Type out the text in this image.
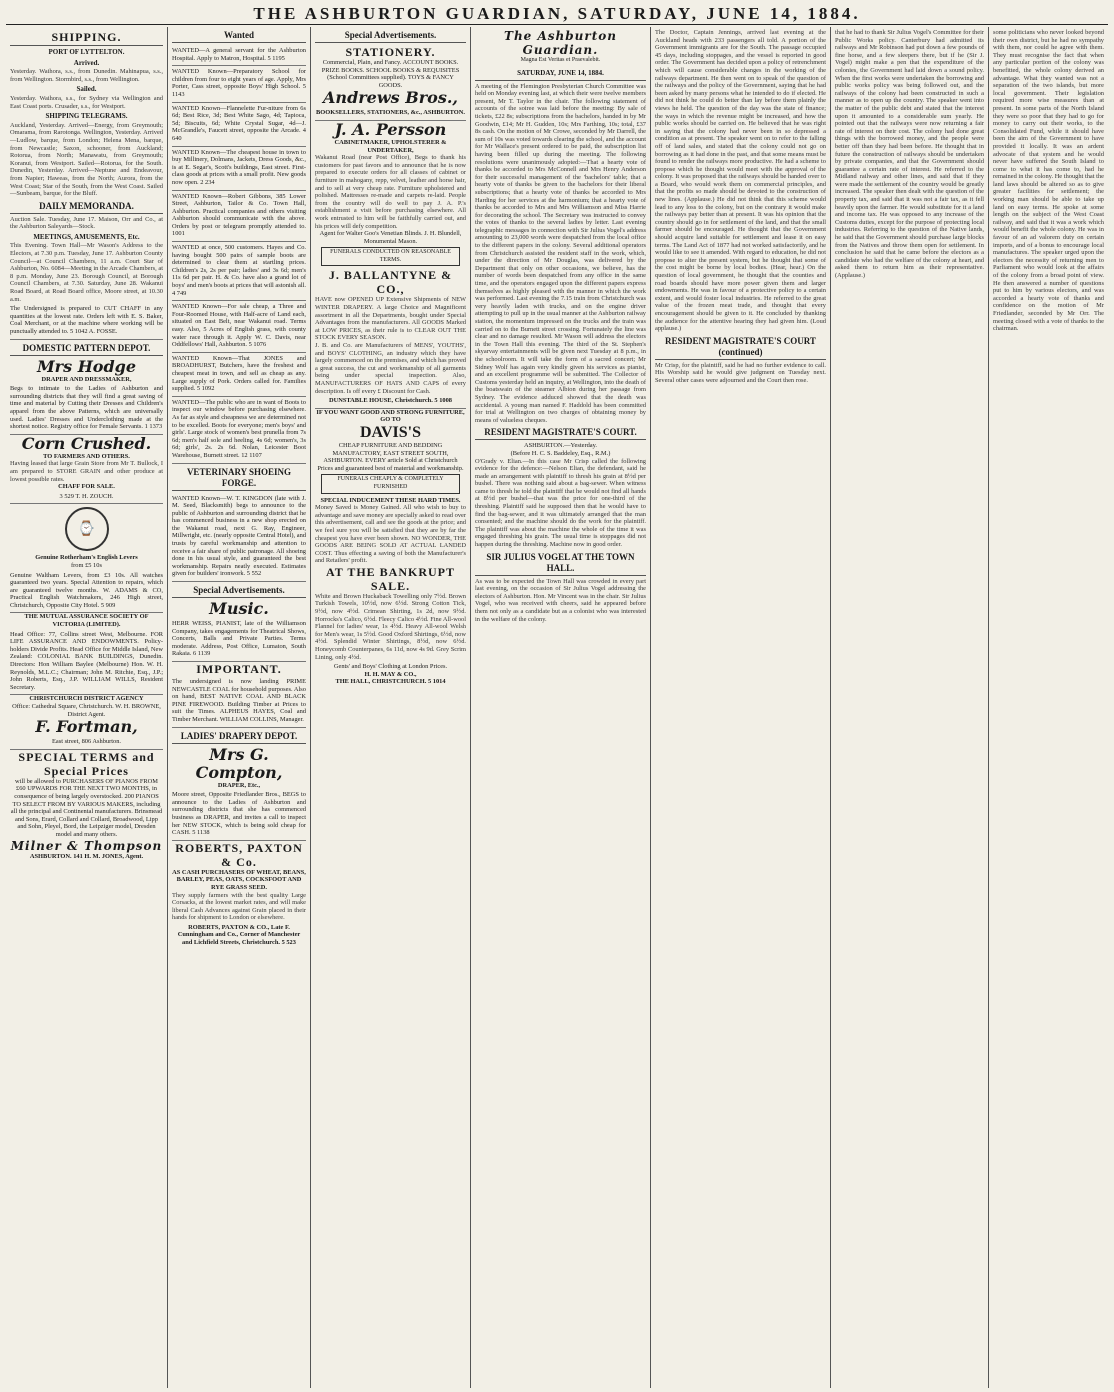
THE ASHBURTON GUARDIAN, SATURDAY, JUNE 14, 1884.
SHIPPING.
PORT OF LYTTELTON.
Arrived.

Yesterday. Waihora, s.s., from Dunedin. Mahinapua, s.s., from Wellington. Stormbird, s.s., from Wellington.

Sailed.

Yesterday. Waihora, s.s., for Sydney via Wellington and East Coast ports. Crusader, s.s., for Westport.

SHIPPING TELEGRAMS.

Auckland, Yesterday. Arrived—Energy, from Greymouth; Omarama, from Rarotonga. Wellington, Yesterday. Arrived—Ludlow, barque, from London; Helena Mena, barque, from Newcastle; Saxon, schooner, from Auckland; Rotorua, from North; Manawatu, from Greymouth; Koranui, from Westport. Sailed—Rotorua, for the South. Dunedin, Yesterday. Arrived—Neptune and Endeavour, from Napier; Haweas, from the North; Aurora, from the West Coast; Star of the South, from the West Coast. Sailed—Sunbeam, barque, for the Bluff.

DAILY MEMORANDA.

Auction Sale. Tuesday, June 17. Maison, Orr and Co., at the Ashburton Saleyards—Stock.

MEETINGS, AMUSEMENTS, Etc.

This Evening. Town Hall—Mr Wason's Address to the Electors, at 7.30 p.m. Tuesday, June 17. Ashburton County Council—at Council Chambers, 11 a.m. Court Star of Ashburton, No. 6084—Meeting in the Arcade Chambers, at 8 p.m. Monday, June 23. Borough Council, at Borough Council Chambers, at 7.30. Saturday, June 28. Wakanui Road Board, at Road Board office, Moore street, at 10.30 a.m.

The Undersigned is prepared to CUT CHAFF in any quantities at the lowest rate. Orders left with E. S. Baker, Coal Merchant, or at the machine where working will be punctually attended to. 5 1042 A. FOSSE.

DOMESTIC PATTERN DEPOT.
Mrs Hodge
DRAPER AND DRESSMAKER,

Begs to intimate to the Ladies of Ashburton and surrounding districts that they will find a great saving of time and material by Cutting their Dresses and Children's apparel from the above Patterns, which are universally used. Ladies' Dresses and Underclothing made at the shortest notice. Registry office for Female Servants. 1 1373

Corn Crushed.
TO FARMERS AND OTHERS.

Having leased that large Grain Store from Mr T. Bullock, I am prepared to STORE GRAIN and other produce at lowest possible rates.

CHAFF FOR SALE.
3 529 T. H. ZOUCH.
⌚
Genuine Rotherham's English Levers
from £5 10s

Genuine Waltham Levers, from £3 10s. All watches guaranteed two years. Special Attention to repairs, which are guaranteed twelve months. W. ADAMS & CO, Practical English Watchmakers, 246 High street, Christchurch, Opposite City Hotel. 5 909

THE MUTUAL ASSURANCE SOCIETY OF VICTORIA (LIMITED).

Head Office: 77, Collins street West, Melbourne. FOR LIFE ASSURANCE AND ENDOWMENTS. Policy-holders Divide Profits. Head Office for Middle Island, New Zealand: COLONIAL BANK BUILDINGS, Dunedin. Directors: Hon William Baylee (Melbourne) Hon. W. H. Reynolds, M.L.C.; Chairman; John M. Ritchie, Esq., J.P.; John Roberts, Esq., J.P. WILLIAM WILLS, Resident Secretary.

CHRISTCHURCH DISTRICT AGENCY

Office: Cathedral Square, Christchurch. W. H. BROWNE, District Agent.

F. Fortman,
East street, 806 Ashburton.
SPECIAL TERMS and Special Prices

will be allowed to PURCHASERS OF PIANOS FROM £60 UPWARDS FOR THE NEXT TWO MONTHS, in consequence of being largely overstocked. 200 PIANOS TO SELECT FROM BY VARIOUS MAKERS, including all the principal and Continental manufacturers. Brinsmead and Sons, Erard, Collard and Collard, Broadwood, Lipp and Sohn, Pleyel, Bord, the Leipziger model, Dresden model and many others.

Milner & Thompson
ASHBURTON. 141 H. M. JONES, Agent.
Wanted

WANTED—A general servant for the Ashburton Hospital. Apply to Matron, Hospital. 5 1195

WANTED Known—Preparatory School for children from four to eight years of age. Apply, Mrs Porter, Cass street, opposite Boys' High School. 5 1143

WANTED Known—Flannelette Fur-niture from 6s 6d; Best Rice, 3d; Best White Sago, 4d; Tapioca, 5d; Biscuits, 6d; White Crystal Sugar, 4d—J. McGrandle's, Faucett street, opposite the Arcade. 4 640

WANTED Known—The cheapest house in town to buy Millinery, Dolmans, Jackets, Dress Goods, &c., is at E. Segar's, Scott's buildings, East street. First-class goods at prices with a small profit. New goods now open. 2 234

WANTED Known—Robert Gibbons, 385 Lower Street, Ashburton, Tailor & Co. Town Hall, Ashburton. Practical companies and others visiting Ashburton should communicate with the above. Orders by post or telegram promptly attended to. 1001

WANTED at once, 500 customers. Hayes and Co. having bought 500 pairs of sample boots are determined to clear them at startling prices. Children's 2s, 2s per pair; ladies' and 3s 6d; men's 11s 6d per pair. H. & Co. have also a grand lot of boys' and men's boots at prices that will astonish all. 4 749

WANTED Known—For sale cheap, a Three and Four-Roomed House, with Half-acre of Land each, situated on East Belt, near Wakanui road. Terms easy. Also, 5 Acres of English grass, with county water race through it. Apply W. C. Davis, near Oddfellows' Hall, Ashburton. 5 1076

WANTED Known—That JONES and BROADHURST, Butchers, have the freshest and cheapest meat in town, and sell as cheap as any. Large supply of Pork. Orders called for. Families supplied. 5 1092

WANTED—The public who are in want of Boots to inspect our window before purchasing elsewhere. As far as style and cheapness we are determined not to be excelled. Boots for everyone; men's boys' and girls'. Large stock of women's best prunella from 7s 6d; men's half sole and heeling, 4s 6d; women's, 3s 6d; girls', 2s. 2s 6d. Nolan, Leicester Boot Warehouse, Burnett street. 12 1107

VETERINARY SHOEING FORGE.

WANTED Known—W. T. KINGDON (late with J. M. Seed, Blacksmith) begs to announce to the public of Ashburton and surrounding district that he has commenced business in a new shop erected on the Wakanui road, next G. Ray, Engineer, Millwright, etc. (nearly opposite Central Hotel), and trusts by careful workmanship and attention to receive a fair share of public patronage. All shoeing done in his usual style, and guaranteed the best workmanship. Repairs neatly executed. Estimates given for builders' ironwork. 5 552

Special Advertisements.
Music.

HERR WEISS, PIANIST, late of the Williamson Company, takes engagements for Theatrical Shows, Concerts, Balls and Private Parties. Terms moderate. Address, Post Office, Lumaton, South Rakaia. 6 1139

IMPORTANT.

The undersigned is now landing PRIME NEWCASTLE COAL for household purposes. Also on hand, BEST NATIVE COAL AND BLACK PINE FIREWOOD. Building Timber at Prices to suit the Times. ALPHEUS HAYES, Coal and Timber Merchant. WILLIAM COLLINS, Manager.

LADIES' DRAPERY DEPOT.
Mrs G. Compton,
DRAPER, Etc.,

Moore street, Opposite Friedlander Bros., BEGS to announce to the Ladies of Ashburton and surrounding districts that she has commenced business as DRAPER, and invites a call to inspect her NEW STOCK, which is being sold cheap for CASH. 5 1138

ROBERTS, PAXTON & Co.

AS CASH PURCHASERS OF WHEAT, BEANS, BARLEY, PEAS, OATS, COCKSFOOT AND RYE GRASS SEED.

They supply farmers with the best quality Large Corsacks, at the lowest market rates, and will make liberal Cash Advances against Grain placed in their hands for shipment to London or elsewhere.

ROBERTS, PAXTON & CO., Late F. Cunningham and Co., Corner of Manchester and Lichfield Streets, Christchurch. 5 523

Special Advertisements.
STATIONERY.

Commercial, Plain, and Fancy. ACCOUNT BOOKS. PRIZE BOOKS. SCHOOL BOOKS & REQUISITES (School Committees supplied). TOYS & FANCY GOODS.

Andrews Bros.,
BOOKSELLERS, STATIONERS, &c., ASHBURTON.
J. A. Persson
CABINETMAKER, UPHOLSTERER & UNDERTAKER,

Wakanui Road (near Post Office), Begs to thank his customers for past favors and to announce that he is now prepared to execute orders for all classes of cabinet or furniture in mahogany, repp, velvet, leather and horse hair, and to sell at very cheap rate. Furniture upholstered and polished. Mattresses re-made and carpets re-laid. People from the country will do well to pay J. A. P.'s establishment a visit before purchasing elsewhere. All work entrusted to him will be faithfully carried out, and his prices will defy competition.

Agent for Walter Goo's Venetian Blinds. J. H. Blundell, Monumental Mason.

FUNERALS CONDUCTED ON REASONABLE TERMS.
J. BALLANTYNE & CO.,

HAVE now OPENED UP Extensive Shipments of NEW WINTER DRAPERY. A large Choice and Magnificent assortment in all the Departments, bought under Special Advantages from the manufacturers. All GOODS Marked at LOW PRICES, as their rule is to CLEAR OUT THE STOCK EVERY SEASON.

J. B. and Co. are Manufacturers of MENS', YOUTHS', and BOYS' CLOTHING, an industry which they have largely commenced on the premises, and which has proved a great success, the cut and workmanship of all garments being under special inspection. Also, MANUFACTURERS OF HATS AND CAPS of every description. Is off every £ Discount for Cash.

DUNSTABLE HOUSE, Christchurch. 5 1008
IF YOU WANT GOOD AND STRONG FURNITURE, GO TO
DAVIS'S

CHEAP FURNITURE AND BEDDING MANUFACTORY, EAST STREET SOUTH, ASHBURTON. EVERY article Sold at Christchurch Prices and guaranteed best of material and workmanship.

FUNERALS CHEAPLY & COMPLETELY FURNISHED
SPECIAL INDUCEMENT THESE HARD TIMES.

Money Saved is Money Gained. All who wish to buy to advantage and save money are specially asked to read over this advertisement, call and see the goods at the price; and we feel sure you will be satisfied that they are by far the cheapest you have ever been shown. NO WONDER, THE GOODS ARE BEING SOLD AT ACTUAL LANDED COST. Thus effecting a saving of both the Manufacturer's and Retailers' profit.

AT THE BANKRUPT SALE.

White and Brown Huckaback Towelling only 7½d. Brown Turkish Towels, 10½d, now 6½d. Strong Cotton Tick, 9½d, now 4½d. Crimean Shirting, 1s 2d, now 9½d. Horrocks's Calico, 6½d. Fleecy Calico 4½d. Fine All-wool Flannel for ladies' wear, 1s 4½d. Heavy All-wool Welsh for Men's wear, 1s 5½d. Good Oxford Shirtings, 6½d, now 4½d. Splendid Winter Shirtings, 8½d, now 6½d. Honeycomb Counterpanes, 6s 11d, now 4s 9d. Grey Scrim Lining, only 4½d.

Gents' and Boys' Clothing at London Prices.

H. H. MAY & CO.,
THE HALL, CHRISTCHURCH. 5 1014
The Ashburton Guardian.
Magna Est Veritas et Praevalebit.
SATURDAY, JUNE 14, 1884.

A meeting of the Flemington Presbyterian Church Committee was held on Monday evening last, at which their were twelve members present, Mr T. Taylor in the chair. The following statement of accounts of the soiree was laid before the meeting: By sale of tickets, £22 8s; subscriptions from the bachelors, handed in by Mr Goodwin, £14; Mr H. Gudden, 10s; Mrs Farthing, 10s; total, £37 8s cash. On the motion of Mr Crowe, seconded by Mr Darrell, the sum of 10s was voted towards clearing the school, and the account for Mr Wallace's present ordered to be paid, the subscription list having been filled up during the meeting. The following resolutions were unanimously adopted:—That a hearty vote of thanks be accorded to Mrs McConnell and Mrs Henry Anderson for their successful management of the 'bachelors' table; that a hearty vote of thanks be given to the bachelors for their liberal subscriptions; that a hearty vote of thanks be accorded to Mrs Harding for her services at the harmonium; that a hearty vote of thanks be accorded to Mrs and Mrs Williamson and Miss Harrie for decorating the school. The Secretary was instructed to convey the votes of thanks to the several ladies by letter. Last evening telegraphic messages in connection with Sir Julius Vogel's address amounting to 23,000 words were despatched from the local office to the different papers in the colony. Several additional operators from Christchurch assisted the resident staff in the work, which, under the direction of Mr Douglas, was delivered by the Department that only on other occasions, we believe, has the number of words been despatched from any office in the same time, and the operators engaged upon the different papers express themselves as highly pleased with the manner in which the work was performed. Last evening the 7.15 train from Christchurch was very heavily laden with trucks, and on the engine driver attempting to pull up in the usual manner at the Ashburton railway station, the momentum impressed on the trucks and the train was carried on to the Burnett street crossing. Fortunately the line was clear and no damage resulted. Mr Wason will address the electors in the Town Hall this evening. The third of the St. Stephen's skyarvay entertainments will be given next Tuesday at 8 p.m., in the schoolroom. It will take the form of a sacred concert; Mr Sidney Wolf has again very kindly given his services as pianist, and an excellent programme will be submitted. The Collector of Customs yesterday held an inquiry, at Wellington, into the death of the boatswain of the steamer Albion during her passage from Sydney. The evidence adduced showed that the death was accidental. A young man named F. Haddold has been committed for trial at Wellington on two charges of obtaining money by means of valueless cheques.

RESIDENT MAGISTRATE'S COURT.
ASHBURTON.—Yesterday.
(Before H. C. S. Baddeley, Esq., R.M.)

O'Grady v. Elian.—In this case Mr Crisp called the following evidence for the defence:—Nelson Elian, the defendant, said he made an arrangement with plaintiff to thresh his grain at 8½d per bushel. There was nothing said about a bag-sewer. When witness came to thresh he told the plaintiff that he would not find all hands at 8½d per bushel—that was the price for one-third of the threshing. Plaintiff said he supposed then that he would have to find the bag-sewer, and it was ultimately arranged that the man consented; and the machine should do the work for the plaintiff. The plaintiff was about the machine the whole of the time it was engaged threshing his grain. The usual time is stoppages did not happen during the threshing. Machine now in good order.

SIR JULIUS VOGEL AT THE TOWN HALL.

As was to be expected the Town Hall was crowded in every part last evening, on the occasion of Sir Julius Vogel addressing the electors of Ashburton. Hon. Mr Vincent was in the chair. Sir Julius Vogel, who was received with cheers, said he appeared before them not only as a candidate but as a colonist who was interested in the welfare of the colony.

The Doctor, Captain Jennings, arrived last evening at the Auckland heads with 233 passengers all told. A portion of the Government immigrants are for the South. The passage occupied 45 days, including stoppages, and the vessel is reported in good order. The Government has decided upon a policy of retrenchment which will cause considerable changes in the working of the railways department. He then went on to speak of the question of the railways and the policy of the Government, saying that he had been asked by many persons what he intended to do if elected. He did not think he could do better than lay before them plainly the views he held. The question of the day was the state of finance; the ways in which the revenue might be increased, and how the public works should be carried on. He believed that he was right in saying that the colony had never been in so depressed a condition as at present. The speaker went on to refer to the falling off of land sales, and stated that the colony could not go on borrowing as it had done in the past, and that some means must be found to render the railways more productive. He had a scheme to propose which he thought would meet with the approval of the colony. It was proposed that the railways should be handed over to a Board, who would work them on commercial principles, and that the profits so made should be devoted to the construction of new lines. (Applause.) He did not think that this scheme would lead to any loss to the colony, but on the contrary it would make the railways pay better than at present. It was his opinion that the country should go in for settlement of the land, and that the small farmer should be encouraged. He thought that the Government should acquire land suitable for settlement and lease it on easy terms. The Land Act of 1877 had not worked satisfactorily, and he would like to see it amended. With regard to education, he did not propose to alter the present system, but he thought that some of the cost might be borne by local bodies. (Hear, hear.) On the question of local government, he thought that the counties and road boards should have more power given them and larger endowments. He was in favour of a protective policy to a certain extent, and would foster local industries. He referred to the great value of the frozen meat trade, and thought that every encouragement should be given to it. He concluded by thanking the audience for the attentive hearing they had given him. (Loud applause.)

RESIDENT MAGISTRATE'S COURT (continued)

Mr Crisp, for the plaintiff, said he had no further evidence to call. His Worship said he would give judgment on Tuesday next. Several other cases were adjourned and the Court then rose.

that he had to thank Sir Julius Vogel's Committee for their Public Works policy. Canterbury had admitted its railways and Mr Robinson had put down a few pounds of fine horse, and a few sleepers there, but if he (Sir J. Vogel) might make a pen that the expenditure of the colonies, the Government had laid down a sound policy. When the first works were undertaken the borrowing and public works policy was being followed out, and the railways of the colony had been constructed in such a manner as to open up the country. The speaker went into the matter of the public debt and stated that the interest upon it amounted to a considerable sum yearly. He pointed out that the railways were now returning a fair rate of interest on their cost. The colony had done great things with the borrowed money, and the people were better off than they had been before. He thought that in future the construction of railways should be undertaken by private companies, and that the Government should guarantee a certain rate of interest. He referred to the Midland railway and other lines, and said that if they were made the settlement of the country would be greatly increased. The speaker then dealt with the question of the property tax, and said that it was not a fair tax, as it fell heavily upon the farmer. He would substitute for it a land and income tax. He was opposed to any increase of the Customs duties, except for the purpose of protecting local industries. Referring to the question of the Native lands, he said that the Government should purchase large blocks from the Natives and throw them open for settlement. In conclusion he said that he came before the electors as a candidate who had the welfare of the colony at heart, and asked them to return him as their representative. (Applause.)

some politicians who never looked beyond their own district, but he had no sympathy with them, nor could he agree with them. They must recognise the fact that when any particular portion of the colony was benefitted, the whole colony derived an advantage. What they wanted was not a separation of the two islands, but more local government. Their legislation required more wise measures than at present. In some parts of the North Island they were so poor that they had to go for money to carry out their works, to the Consolidated Fund, while it should have been the aim of the Government to have provided it locally. It was an ardent advocate of that system and he would never have suffered the South Island to come to what it has come to, had he remained in the colony. He thought that the land laws should be altered so as to give greater facilities for settlement; the working man should be able to take up land on easy terms. He spoke at some length on the subject of the West Coast railway, and said that it was a work which would benefit the whole colony. He was in favour of an ad valorem duty on certain imports, and of a bonus to encourage local manufactures. The speaker urged upon the electors the necessity of returning men to Parliament who would look at the affairs of the colony from a broad point of view. He then answered a number of questions put to him by various electors, and was accorded a hearty vote of thanks and confidence on the motion of Mr Friedlander, seconded by Mr Orr. The meeting closed with a vote of thanks to the chairman.
